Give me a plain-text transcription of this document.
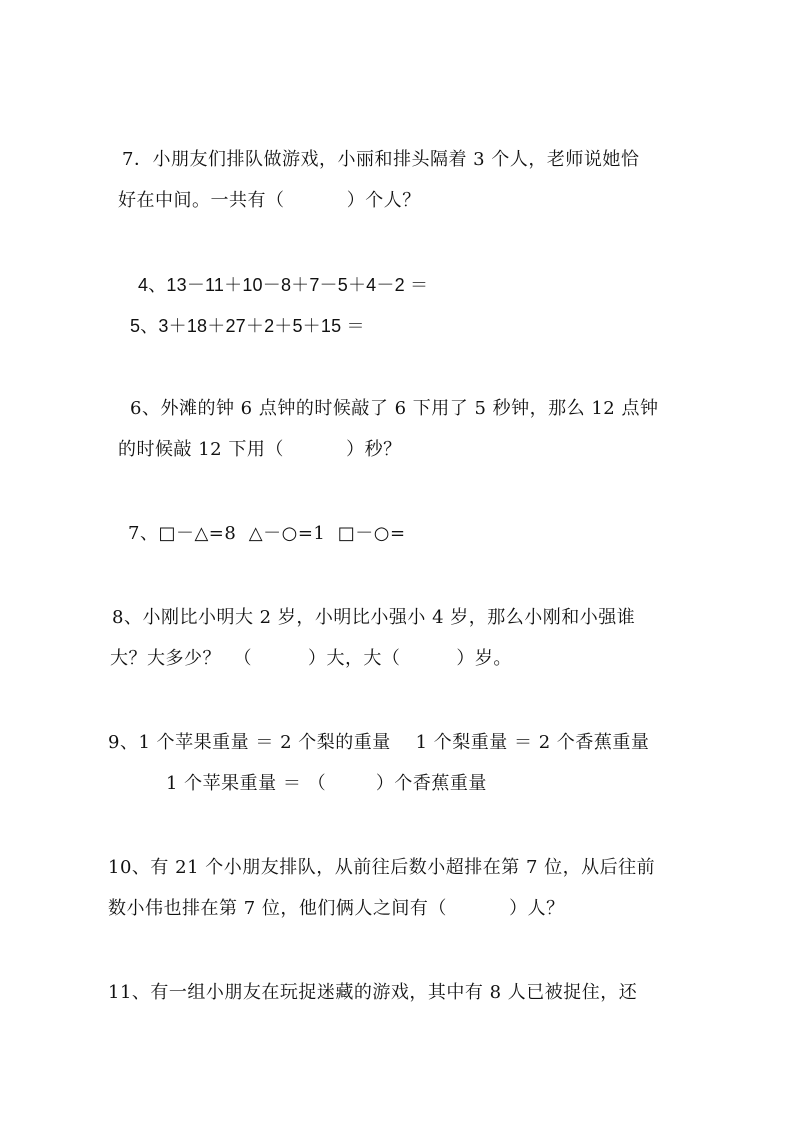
7．小朋友们排队做游戏，小丽和排头隔着 3 个人，老师说她恰
好在中间。一共有（          ）个人？
4、13－11＋10－8＋7－5＋4－2 ＝
5、3＋18＋27＋2＋5＋15 ＝
6、外滩的钟 6 点钟的时候敲了 6 下用了 5 秒钟，那么 12 点钟
的时候敲 12 下用（          ）秒？
7、□－△=8  △－○=1  □－○=
8、小刚比小明大 2 岁，小明比小强小 4 岁，那么小刚和小强谁
大？大多少？  （         ）大，大（         ）岁。
9、1 个苹果重量 ＝ 2 个梨的重量    1 个梨重量 ＝ 2 个香蕉重量
1 个苹果重量 ＝ （        ）个香蕉重量
10、有 21 个小朋友排队，从前往后数小超排在第 7 位，从后往前
数小伟也排在第 7 位，他们俩人之间有（          ）人？
11、有一组小朋友在玩捉迷藏的游戏，其中有 8 人已被捉住，还
